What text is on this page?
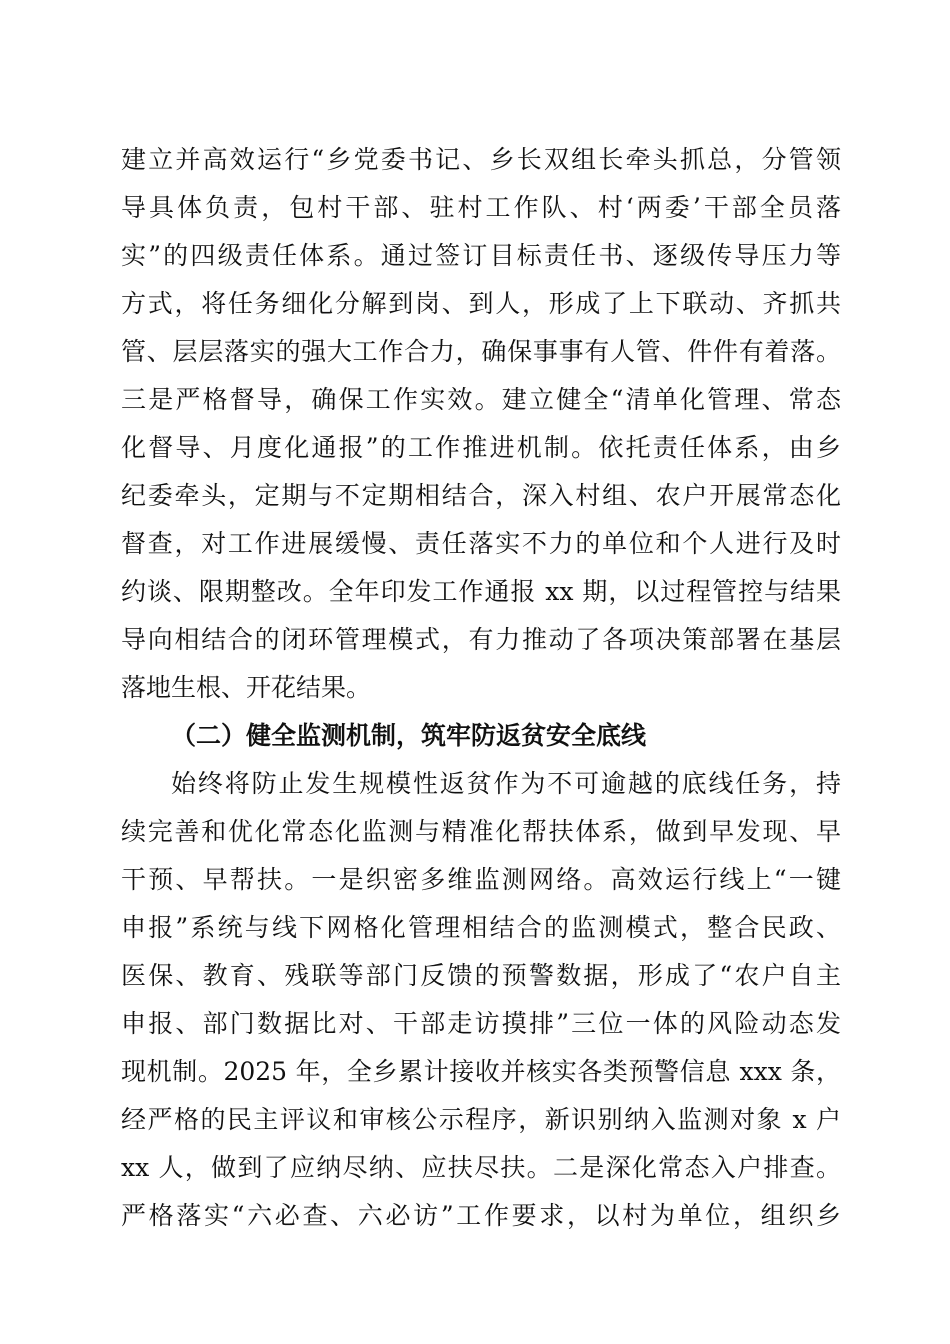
建立并高效运行“乡党委书记、乡长双组长牵头抓总，分管领
导具体负责，包村干部、驻村工作队、村‘两委’干部全员落
实”的四级责任体系。通过签订目标责任书、逐级传导压力等
方式，将任务细化分解到岗、到人，形成了上下联动、齐抓共
管、层层落实的强大工作合力，确保事事有人管、件件有着落。
三是严格督导，确保工作实效。建立健全“清单化管理、常态
化督导、月度化通报”的工作推进机制。依托责任体系，由乡
纪委牵头，定期与不定期相结合，深入村组、农户开展常态化
督查，对工作进展缓慢、责任落实不力的单位和个人进行及时
约谈、限期整改。全年印发工作通报 xx 期，以过程管控与结果
导向相结合的闭环管理模式，有力推动了各项决策部署在基层
落地生根、开花结果。
（二）健全监测机制，筑牢防返贫安全底线
始终将防止发生规模性返贫作为不可逾越的底线任务，持
续完善和优化常态化监测与精准化帮扶体系，做到早发现、早
干预、早帮扶。一是织密多维监测网络。高效运行线上“一键
申报”系统与线下网格化管理相结合的监测模式，整合民政、
医保、教育、残联等部门反馈的预警数据，形成了“农户自主
申报、部门数据比对、干部走访摸排”三位一体的风险动态发
现机制。2025 年，全乡累计接收并核实各类预警信息 xxx 条，
经严格的民主评议和审核公示程序，新识别纳入监测对象 x 户
xx 人，做到了应纳尽纳、应扶尽扶。二是深化常态入户排查。
严格落实“六必查、六必访”工作要求，以村为单位，组织乡
